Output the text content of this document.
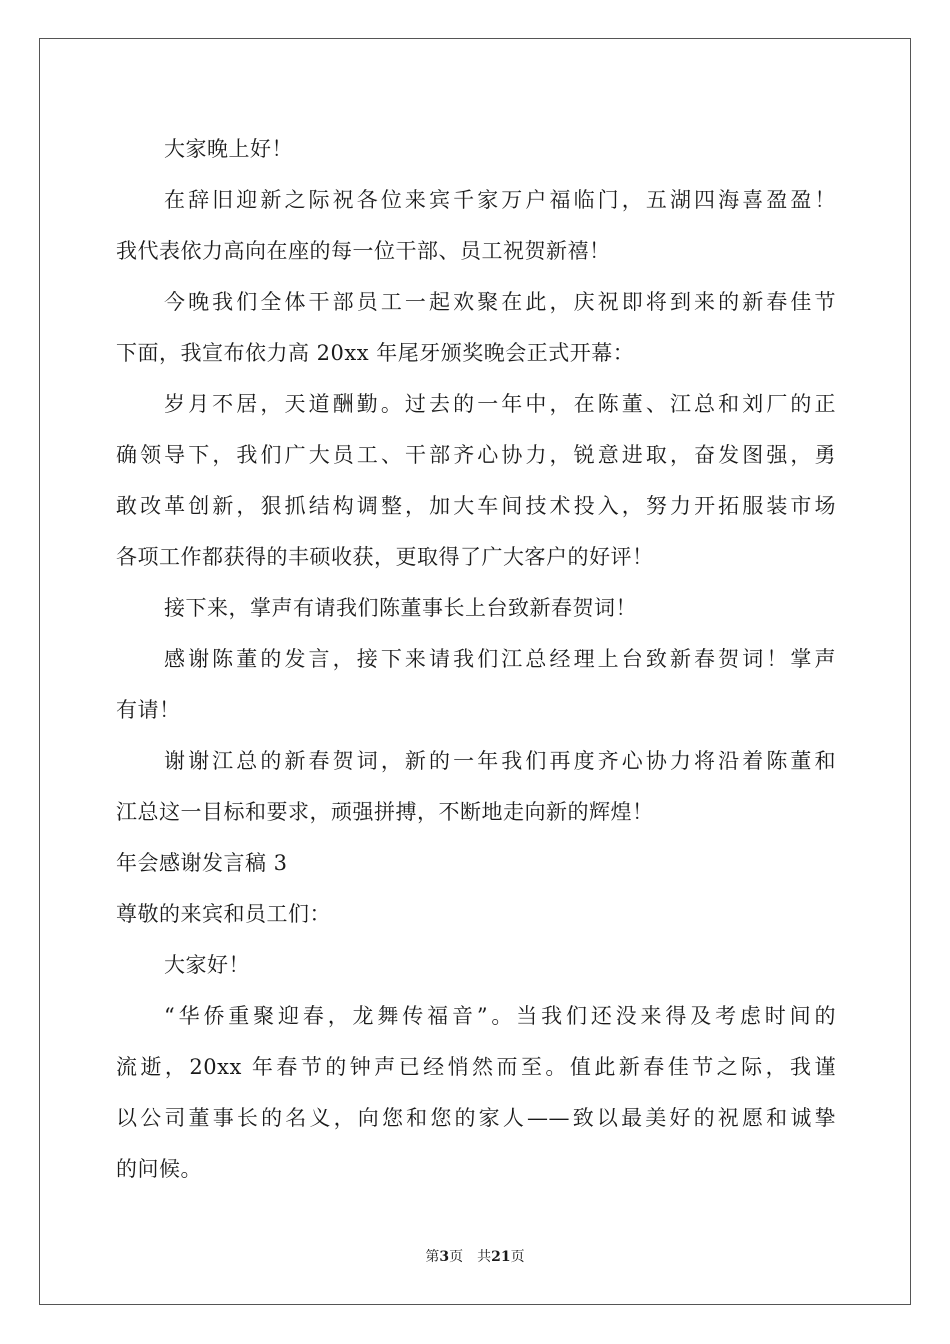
大家晚上好！
在辞旧迎新之际祝各位来宾千家万户福临门，五湖四海喜盈盈！
我代表依力高向在座的每一位干部、员工祝贺新禧！
今晚我们全体干部员工一起欢聚在此，庆祝即将到来的新春佳节
下面，我宣布依力高 20xx 年尾牙颁奖晚会正式开幕：
岁月不居，天道酬勤。过去的一年中，在陈董、江总和刘厂的正
确领导下，我们广大员工、干部齐心协力，锐意进取，奋发图强，勇
敢改革创新，狠抓结构调整，加大车间技术投入，努力开拓服装市场
各项工作都获得的丰硕收获，更取得了广大客户的好评！
接下来，掌声有请我们陈董事长上台致新春贺词！
感谢陈董的发言，接下来请我们江总经理上台致新春贺词！掌声
有请！
谢谢江总的新春贺词，新的一年我们再度齐心协力将沿着陈董和
江总这一目标和要求，顽强拼搏，不断地走向新的辉煌！
年会感谢发言稿 3
尊敬的来宾和员工们：
大家好！
“华侨重聚迎春，龙舞传福音”。当我们还没来得及考虑时间的
流逝，20xx 年春节的钟声已经悄然而至。值此新春佳节之际，我谨
以公司董事长的名义，向您和您的家人——致以最美好的祝愿和诚挚
的问候。
第3页 共21页
